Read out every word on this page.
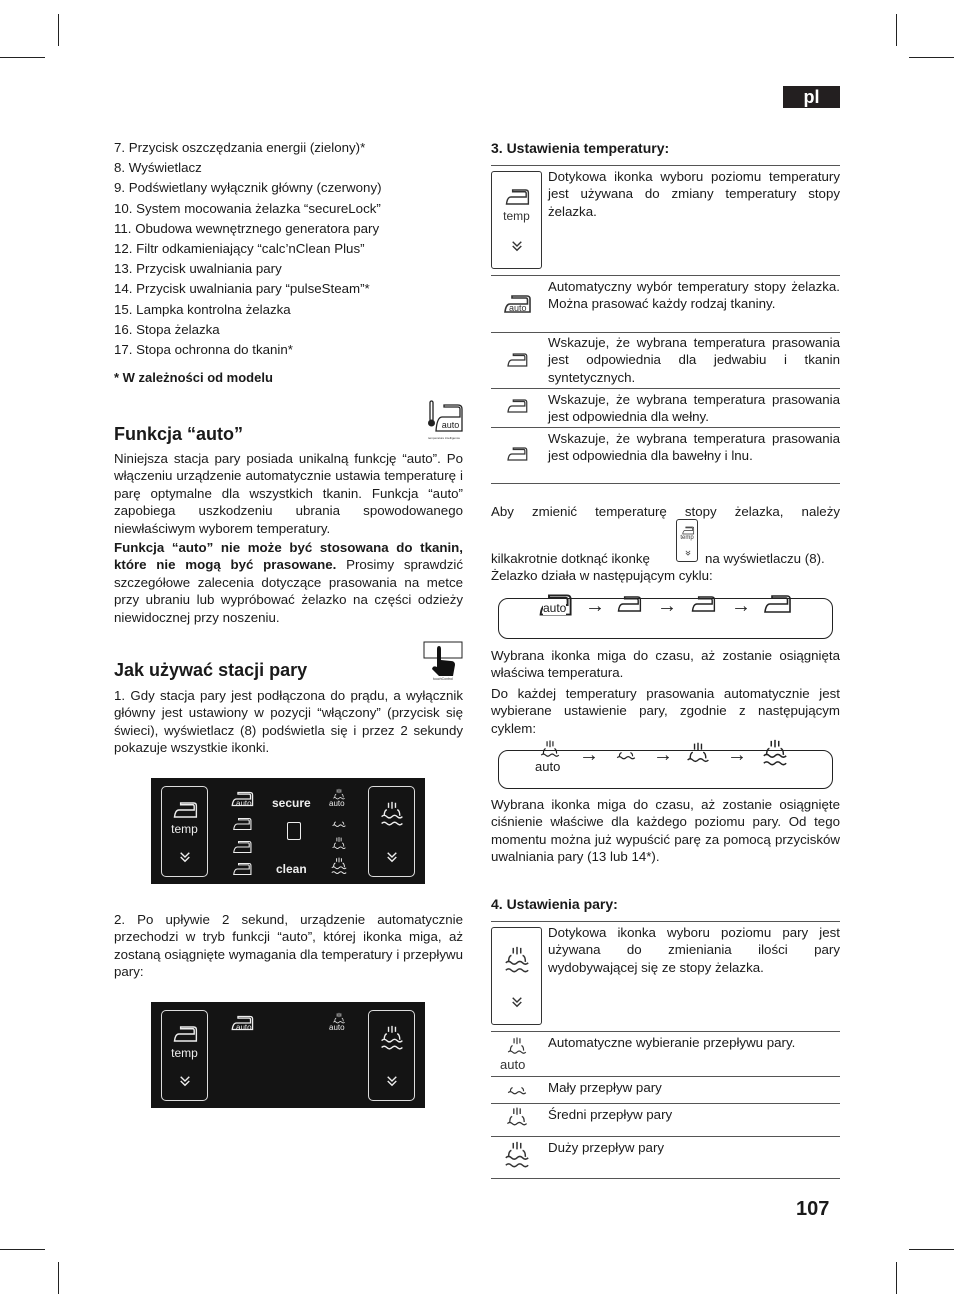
pl
107
7. Przycisk oszczędzania energii (zielony)*
8. Wyświetlacz
9. Podświetlany wyłącznik główny (czerwony)
10. System mocowania żelazka “secureLock”
11. Obudowa wewnętrznego generatora pary
12. Filtr odkamieniający “calc’nClean Plus”
13. Przycisk uwalniania pary
14. Przycisk uwalniania pary “pulseSteam”*
15. Lampka kontrolna żelazka
16. Stopa żelazka
17. Stopa ochronna do tkanin*
* W zależności od modelu
auto
temperature intelligence
Funkcja “auto”

Niniejsza stacja pary posiada unikalną funkcję “auto”. Po włączeniu urządzenie automatycznie ustawia temperaturę i parę optymalne dla wszystkich tkanin. Funkcja “auto” zapobiega uszkodzeniu ubrania spowodowanego niewłaściwym wyborem temperatury.

Funkcja “auto” nie może być stosowana do tkanin, które nie mogą być prasowane. Prosimy sprawdzić szczegółowe zalecenia dotyczące prasowania na metce przy ubraniu lub wypróbować żelazko na części odzieży niewidocznej przy noszeniu.

touchControl
Jak używać stacji pary

1. Gdy stacja pary jest podłączona do prądu, a wyłącznik główny jest ustawiony w pozycji “włączony” (przycisk się świeci), wyświetlacz (8) podświetla się i przez 2 sekundy pokazuje wszystkie ikonki.

temp
auto secure
clean
auto

2. Po upływie 2 sekund, urządzenie automatycznie przechodzi w tryb funkcji “auto”, której ikonka miga, aż zostaną osiągnięte wymagania dla temperatury i przepływu pary:

temp
auto	auto
3. Ustawienia temperatury:
temp

Dotykowa ikonka wyboru poziomu temperatury jest używana do zmiany temperatury stopy żelazka.

auto

Automatyczny wybór temperatury stopy żelazka. Można prasować każdy rodzaj tkaniny.

Wskazuje, że wybrana temperatura prasowania jest odpowiednia dla jedwabiu i tkanin syntetycznych.

Wskazuje, że wybrana temperatura prasowania jest odpowiednia dla wełny.

Wskazuje, że wybrana temperatura prasowania jest odpowiednia dla bawełny i lnu.

Aby zmienić temperaturę stopy żelazka, należy

kilkakrotnie dotknąć ikonkę
temp
na wyświetlaczu (8).
Żelazko działa w następującym cyklu:
auto →	→	→

Wybrana ikonka miga do czasu, aż zostanie osiągnięta właściwa temperatura.

Do każdej temperatury prasowania automatycznie jest wybierane ustawienie pary, zgodnie z następującym cyklem:

auto
→	→	→

Wybrana ikonka miga do czasu, aż zostanie osiągnięte ciśnienie właściwe dla każdego poziomu pary. Od tego momentu można już wypuścić parę za pomocą przycisków uwalniania pary (13 lub 14*).

4. Ustawienia pary:

Dotykowa ikonka wyboru poziomu pary jest używana do zmieniania ilości pary wydobywającej się ze stopy żelazka.

auto

Automatyczne wybieranie przepływu pary.

Mały przepływ pary

Średni przepływ pary

Duży przepływ pary
